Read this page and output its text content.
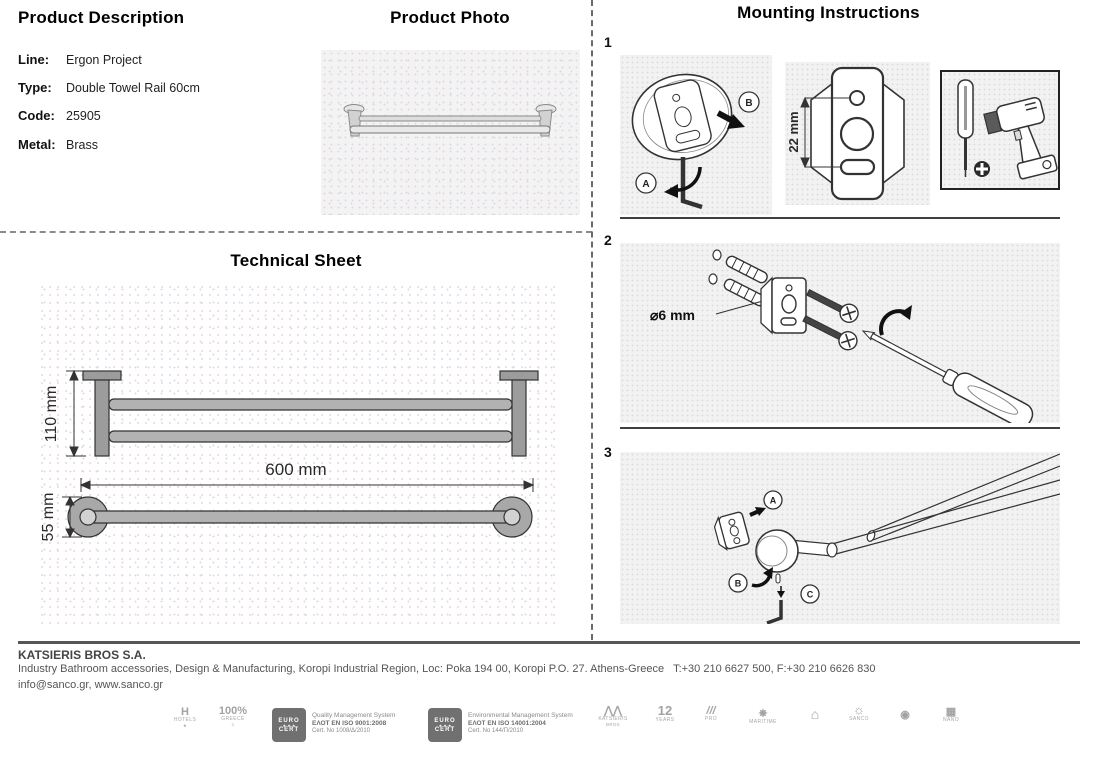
Product Description
Line: Ergon Project
Type: Double Towel Rail 60cm
Code: 25905
Metal: Brass
Product Photo
Technical Sheet
110 mm
600 mm
55 mm
Mounting Instructions
1
B
A
22 mm
2
⌀6 mm
3
A
B
C
KATSIERIS BROS S.A.
Industry Bathroom accessories, Design & Manufacturing, Koropi Industrial Region, Loc: Poka 194 00, Koropi P.O. 27. Athens-Greece   T:+30 210 6627 500, F:+30 210 6626 830
info@sanco.gr, www.sanco.gr
EURO
★ ★ ★
CERT
Quality Management System
ΕΛΟΤ EN ISO 9001:2008
Cert. No 1008/Δ/2010
EURO
★ ★ ★
CERT
Environmental Management System
ΕΛΟΤ EN ISO 14001:2004
Cert. No 144/Π/2010
H
HOTELS
★
100%
GREECE
≡
⋀⋀
KATSIERIS
BROS
12
YEARS
///
PRO	✵
MARITIME
⌂	☼
SANCO	◉	▦
NANO
